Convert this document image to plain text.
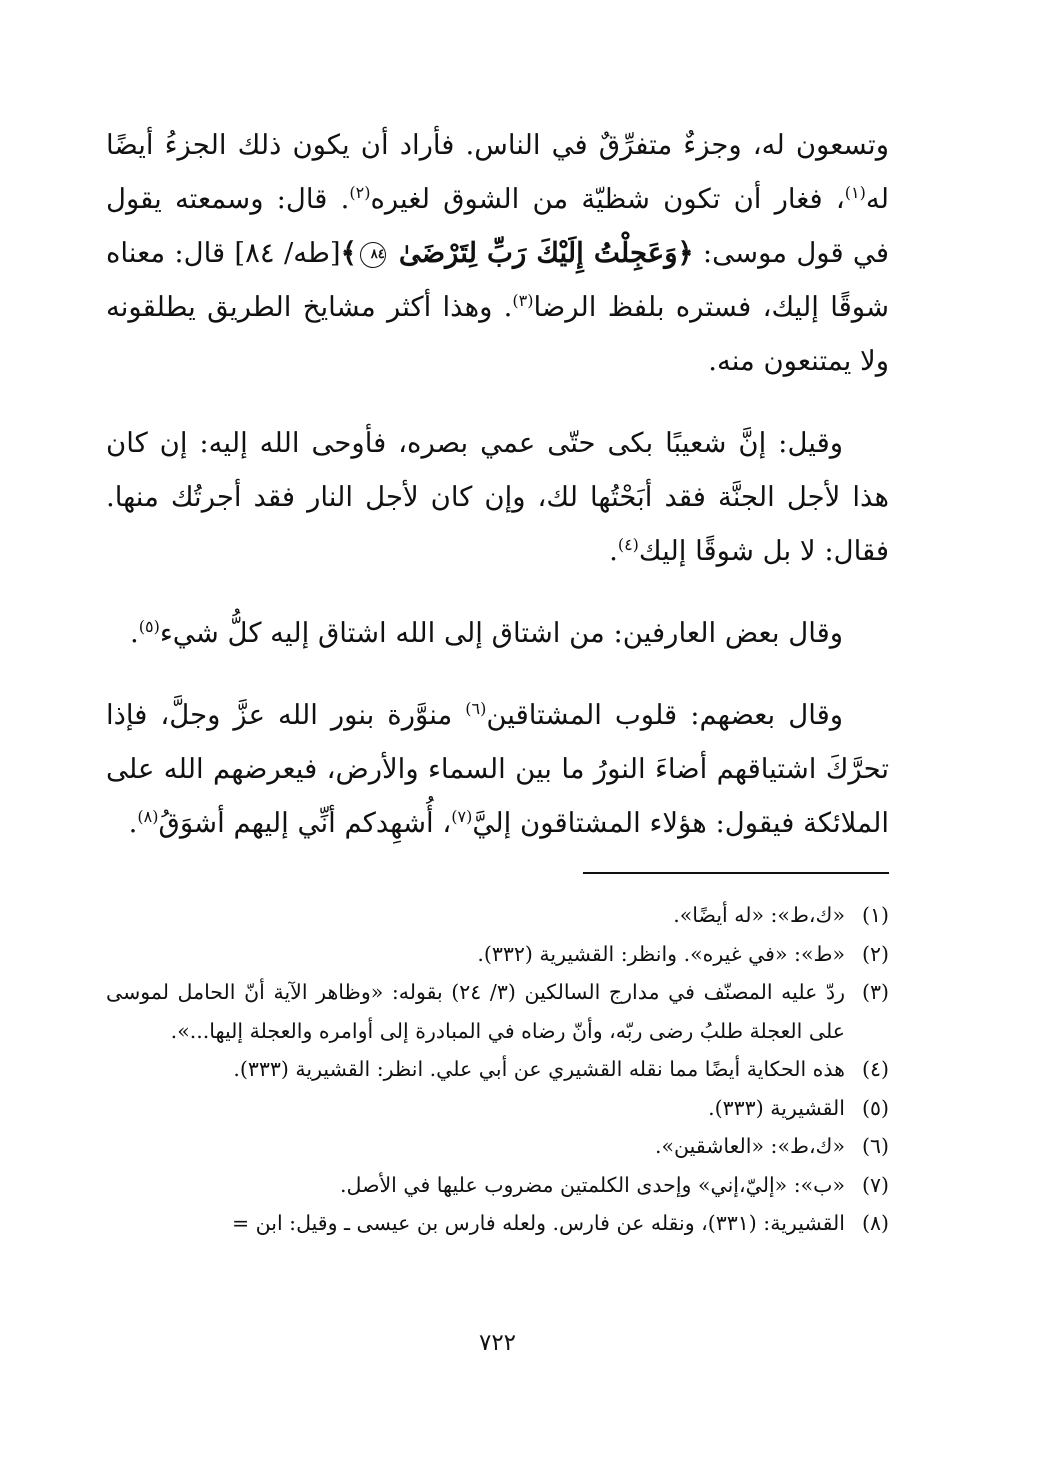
وتسعون له، وجزءٌ متفرِّقٌ في الناس. فأراد أن يكون ذلك الجزءُ أيضًا له$^{(١)}$، فغار أن تكون شظيّة من الشوق لغيره$^{(٢)}$. قال: وسمعته يقول في قول موسى: ﴿وَعَجِلْتُ إِلَيْكَ رَبِّ لِتَرْضَىٰ ٨٤﴾[طه/ ٨٤] قال: معناه شوقًا إليك، فستره بلفظ الرضا$^{(٣)}$. وهذا أكثر مشايخ الطريق يطلقونه ولا يمتنعون منه.

وقيل: إنَّ شعيبًا بكى حتّى عمي بصره، فأوحى الله إليه: إن كان هذا لأجل الجنَّة فقد أبَحْتُها لك، وإن كان لأجل النار فقد أجرتُك منها. فقال: لا بل شوقًا إليك$^{(٤)}$.

وقال بعض العارفين: من اشتاق إلى الله اشتاق إليه كلُّ شيء$^{(٥)}$.

وقال بعضهم: قلوب المشتاقين$^{(٦)}$ منوَّرة بنور الله عزَّ وجلَّ، فإذا تحرَّكَ اشتياقهم أضاءَ النورُ ما بين السماء والأرض، فيعرضهم الله على الملائكة فيقول: هؤلاء المشتاقون إليَّ$^{(٧)}$، أُشهِدكم أنِّي إليهم أشوَقُ$^{(٨)}$.

(١)
«ك،ط»: «له أيضًا».
(٢)
«ط»: «في غيره». وانظر: القشيرية (٣٣٢).
(٣)
ردّ عليه المصنّف في مدارج السالكين (٣/ ٢٤) بقوله: «وظاهر الآية أنّ الحامل لموسى على العجلة طلبُ رضى ربّه، وأنّ رضاه في المبادرة إلى أوامره والعجلة إليها...».
(٤)
هذه الحكاية أيضًا مما نقله القشيري عن أبي علي. انظر: القشيرية (٣٣٣).
(٥)
القشيرية (٣٣٣).
(٦)
«ك،ط»: «العاشقين».
(٧)
«ب»: «إليّ،إني» وإحدى الكلمتين مضروب عليها في الأصل.
(٨)
القشيرية: (٣٣١)، ونقله عن فارس. ولعله فارس بن عيسى ـ وقيل: ابن =
٧٢٢
